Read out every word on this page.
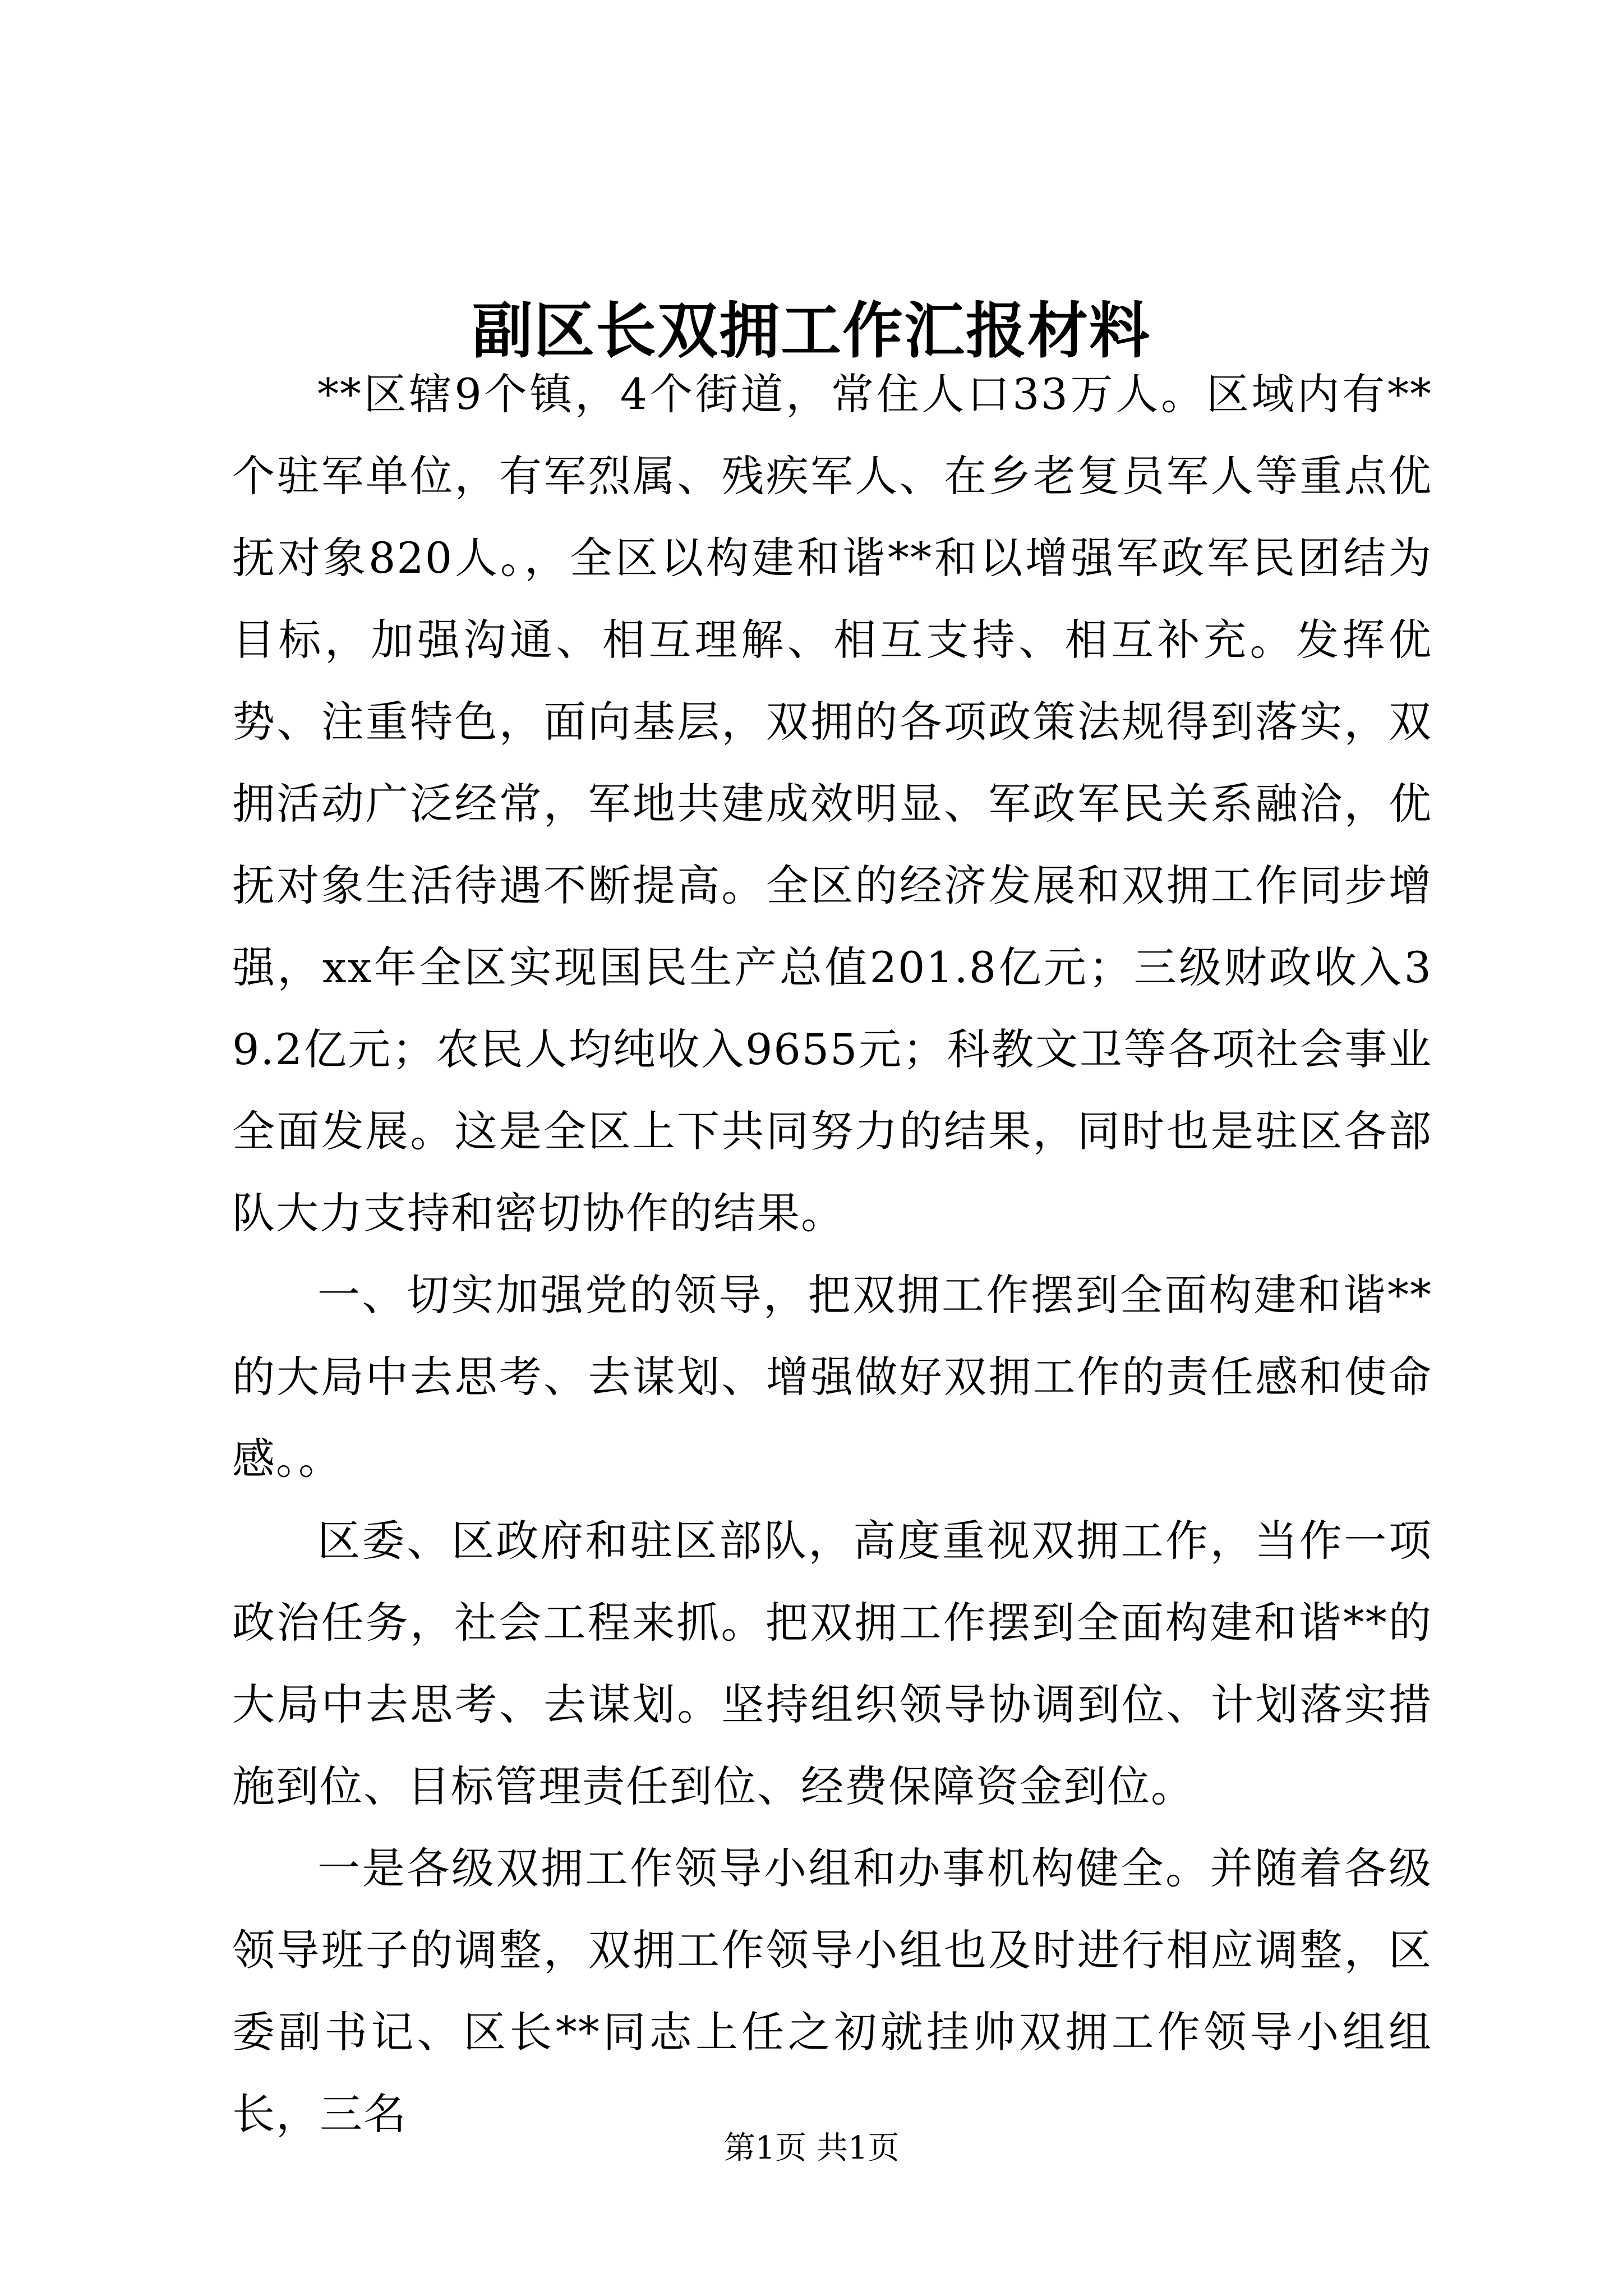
副区长双拥工作汇报材料

**区辖9个镇，4个街道，常住人口33万人。区域内有**个驻军单位，有军烈属、残疾军人、在乡老复员军人等重点优抚对象820人。，全区以构建和谐**和以增强军政军民团结为目标，加强沟通、相互理解、相互支持、相互补充。发挥优势、注重特色，面向基层，双拥的各项政策法规得到落实，双拥活动广泛经常，军地共建成效明显、军政军民关系融洽，优抚对象生活待遇不断提高。全区的经济发展和双拥工作同步增强，xx年全区实现国民生产总值201.8亿元；三级财政收入39.2亿元；农民人均纯收入9655元；科教文卫等各项社会事业全面发展。这是全区上下共同努力的结果，同时也是驻区各部队大力支持和密切协作的结果。

一、切实加强党的领导，把双拥工作摆到全面构建和谐**的大局中去思考、去谋划、增强做好双拥工作的责任感和使命感。。

区委、区政府和驻区部队，高度重视双拥工作，当作一项政治任务，社会工程来抓。把双拥工作摆到全面构建和谐**的大局中去思考、去谋划。坚持组织领导协调到位、计划落实措施到位、目标管理责任到位、经费保障资金到位。

一是各级双拥工作领导小组和办事机构健全。并随着各级领导班子的调整，双拥工作领导小组也及时进行相应调整，区委副书记、区长**同志上任之初就挂帅双拥工作领导小组组长，三名

第1页 共1页
